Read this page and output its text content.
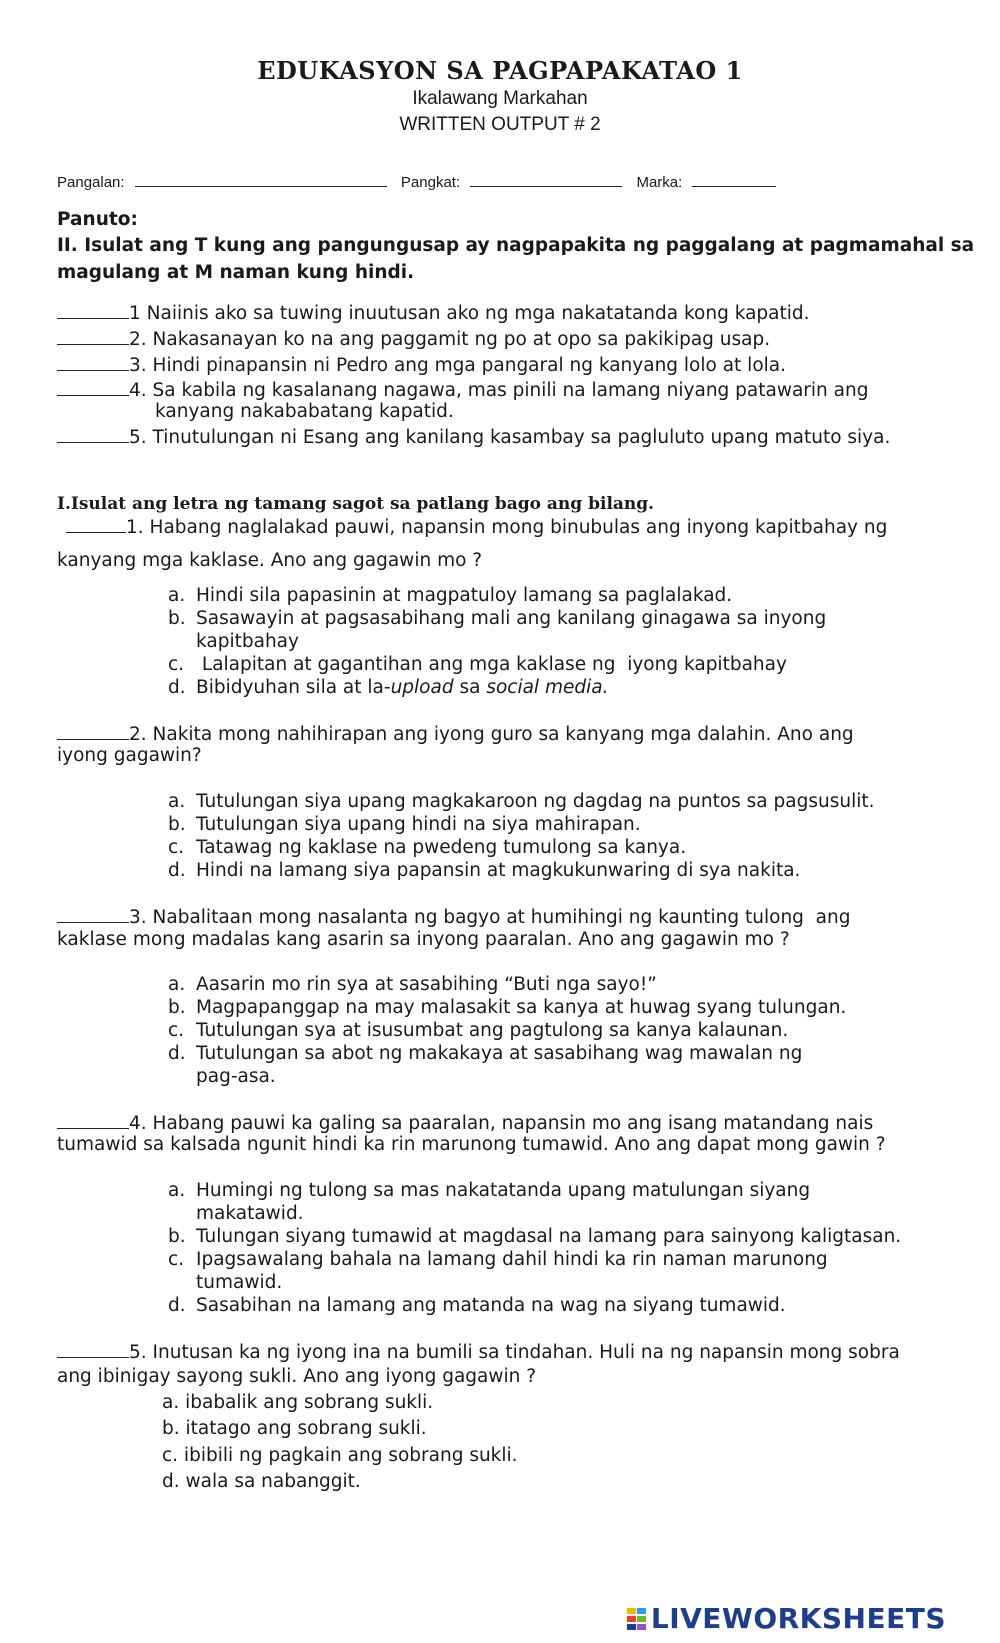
EDUKASYON SA PAGPAPAKATAO 1
Ikalawang Markahan
WRITTEN OUTPUT # 2
Pangalan:	Pangkat:	Marka:
Panuto:
II. Isulat ang T kung ang pangungusap ay nagpapakita ng paggalang at pagmamahal sa
magulang at M naman kung hindi.
1 Naiinis ako sa tuwing inuutusan ako ng mga nakatatanda kong kapatid.
2. Nakasanayan ko na ang paggamit ng po at opo sa pakikipag usap.
3. Hindi pinapansin ni Pedro ang mga pangaral ng kanyang lolo at lola.
4. Sa kabila ng kasalanang nagawa, mas pinili na lamang niyang patawarin ang
kanyang nakababatang kapatid.
5. Tinutulungan ni Esang ang kanilang kasambay sa pagluluto upang matuto siya.
I.Isulat ang letra ng tamang sagot sa patlang bago ang bilang.
1. Habang naglalakad pauwi, napansin mong binubulas ang inyong kapitbahay ng
kanyang mga kaklase. Ano ang gagawin mo ?
a. Hindi sila papasinin at magpatuloy lamang sa paglalakad.
b. Sasawayin at pagsasabihang mali ang kanilang ginagawa sa inyong
kapitbahay
c. Lalapitan at gagantihan ang mga kaklase ng  iyong kapitbahay
d. Bibidyuhan sila at la-upload sa social media.
2. Nakita mong nahihirapan ang iyong guro sa kanyang mga dalahin. Ano ang
iyong gagawin?
a. Tutulungan siya upang magkakaroon ng dagdag na puntos sa pagsusulit.
b. Tutulungan siya upang hindi na siya mahirapan.
c. Tatawag ng kaklase na pwedeng tumulong sa kanya.
d. Hindi na lamang siya papansin at magkukunwaring di sya nakita.
3. Nabalitaan mong nasalanta ng bagyo at humihingi ng kaunting tulong  ang
kaklase mong madalas kang asarin sa inyong paaralan. Ano ang gagawin mo ?
a. Aasarin mo rin sya at sasabihing “Buti nga sayo!”
b. Magpapanggap na may malasakit sa kanya at huwag syang tulungan.
c. Tutulungan sya at isusumbat ang pagtulong sa kanya kalaunan.
d. Tutulungan sa abot ng makakaya at sasabihang wag mawalan ng
pag-asa.
4. Habang pauwi ka galing sa paaralan, napansin mo ang isang matandang nais
tumawid sa kalsada ngunit hindi ka rin marunong tumawid. Ano ang dapat mong gawin ?
a. Humingi ng tulong sa mas nakatatanda upang matulungan siyang
makatawid.
b. Tulungan siyang tumawid at magdasal na lamang para sainyong kaligtasan.
c. Ipagsawalang bahala na lamang dahil hindi ka rin naman marunong
tumawid.
d. Sasabihan na lamang ang matanda na wag na siyang tumawid.
5. Inutusan ka ng iyong ina na bumili sa tindahan. Huli na ng napansin mong sobra
ang ibinigay sayong sukli. Ano ang iyong gagawin ?
a. ibabalik ang sobrang sukli.
b. itatago ang sobrang sukli.
c. ibibili ng pagkain ang sobrang sukli.
d. wala sa nabanggit.
LIVEWORKSHEETS
